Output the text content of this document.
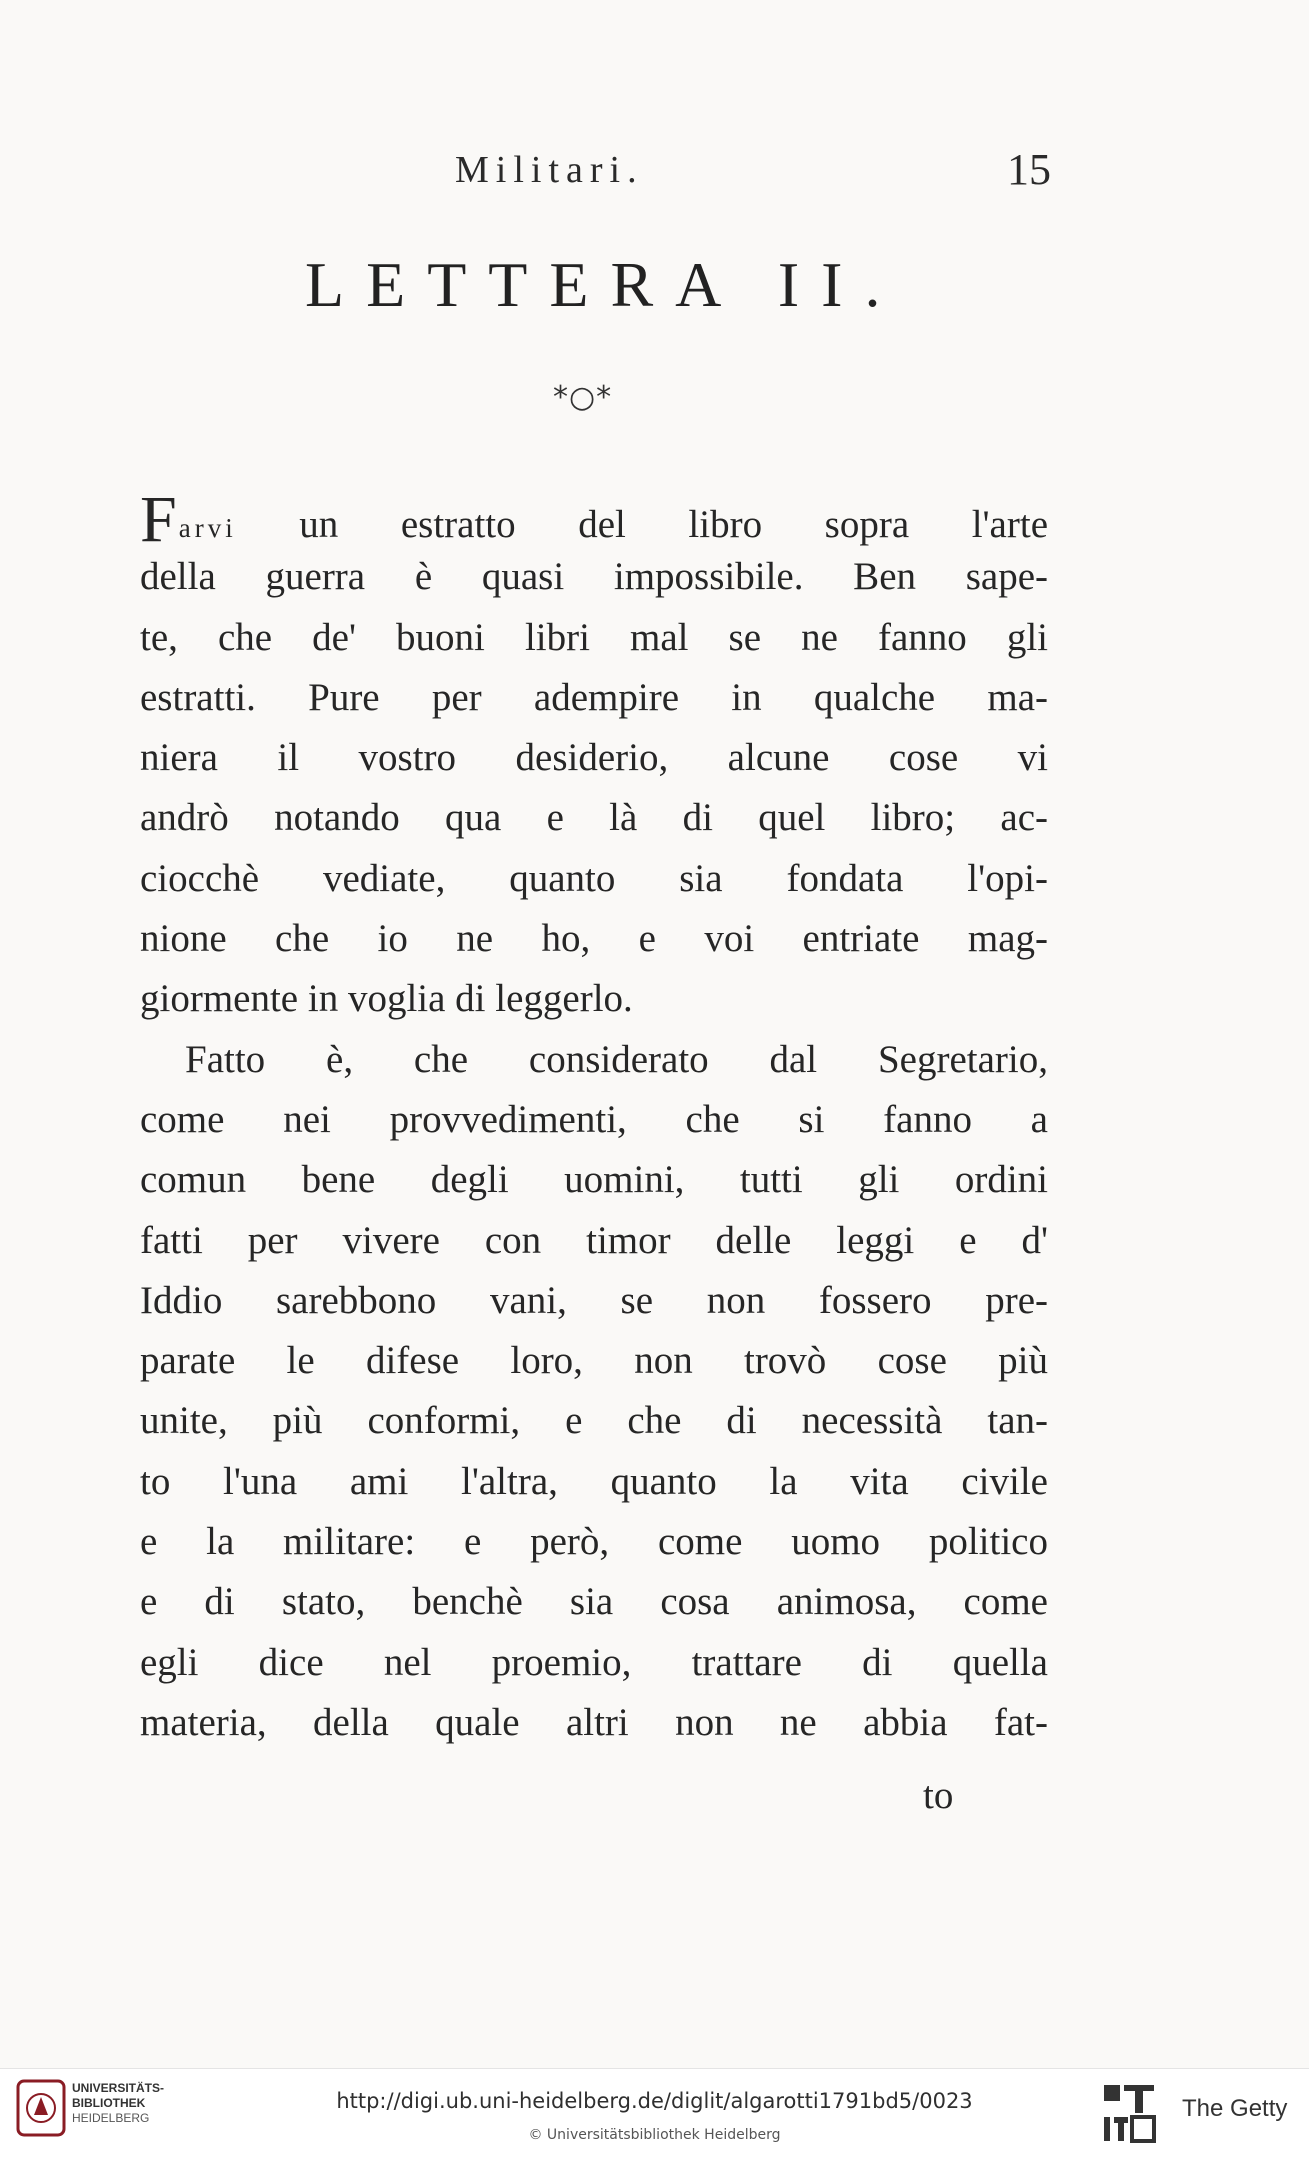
Militari.	15
LETTERA II.
*○*
Farvi un estratto del libro sopra l'arte
della guerra è quasi impossibile. Ben sape-
te, che de' buoni libri mal se ne fanno gli
estratti. Pure per adempire in qualche ma-
niera il vostro desiderio, alcune cose vi
andrò notando qua e là di quel libro; ac-
ciocchè vediate, quanto sia fondata l'opi-
nione che io ne ho, e voi entriate mag-
giormente in voglia di leggerlo.
Fatto è, che considerato dal Segretario,
come nei provvedimenti, che si fanno a
comun bene degli uomini, tutti gli ordini
fatti per vivere con timor delle leggi e d'
Iddio sarebbono vani, se non fossero pre-
parate le difese loro, non trovò cose più
unite, più conformi, e che di necessità tan-
to l'una ami l'altra, quanto la vita civile
e la militare: e però, come uomo politico
e di stato, benchè sia cosa animosa, come
egli dice nel proemio, trattare di quella
materia, della quale altri non ne abbia fat-
to
UNIVERSITÄTS-
BIBLIOTHEK
HEIDELBERG
http://digi.ub.uni-heidelberg.de/diglit/algarotti1791bd5/0023
© Universitätsbibliothek Heidelberg
The Getty
